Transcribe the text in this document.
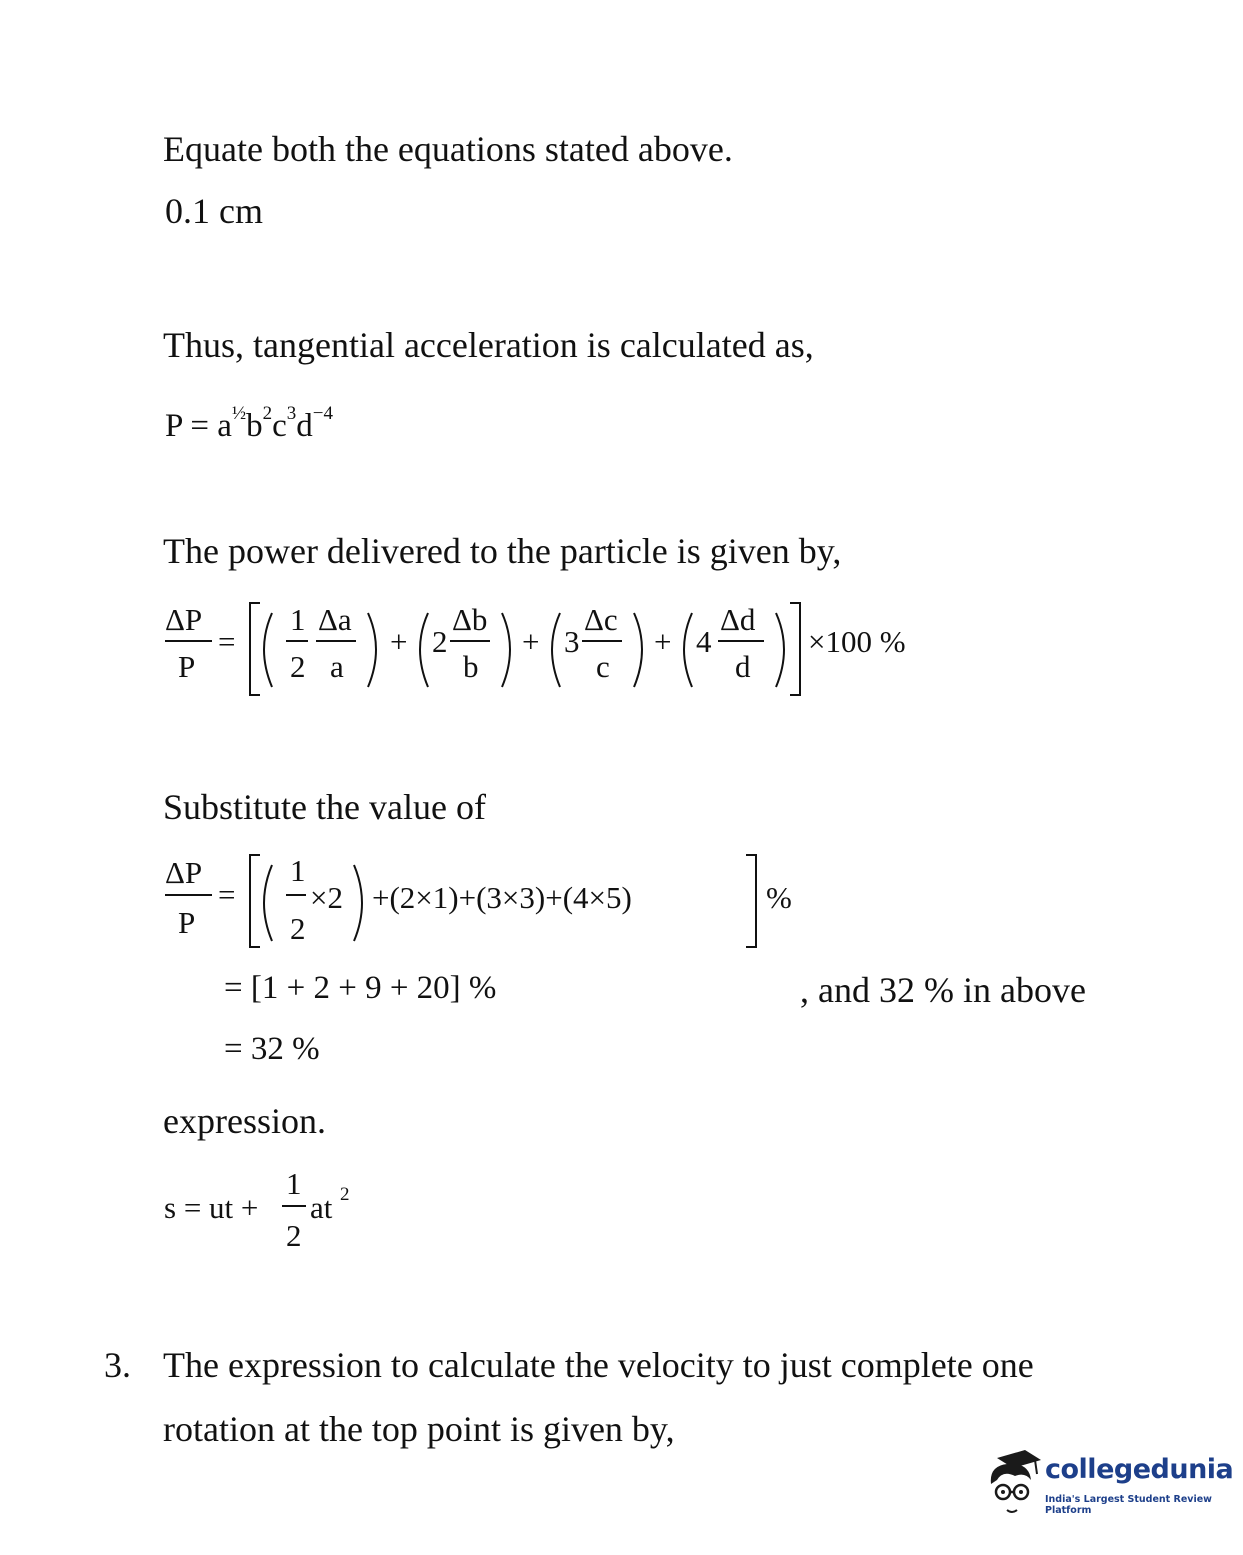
Equate both the equations stated above.
0.1 cm
Thus, tangential acceleration is calculated as,
$P = a^{\frac{1}{2}}b^2c^3d^{-4}$
The power delivered to the particle is given by,
ΔP
P
=
1
2
Δa
a
+ 2
Δb
b
+ 3
Δc
c
+ 4
Δd
d
×100 %
Substitute the value of
ΔP
P
=
1
2
×2 +(2×1)+(3×3)+(4×5)	%
= [1 + 2 + 9 + 20] %	, and 32 % in above
= 32 %
expression.
s = ut +
1
2
at 2
3. The expression to calculate the velocity to just complete one
rotation at the top point is given by,
collegedunia
India's Largest Student Review Platform
